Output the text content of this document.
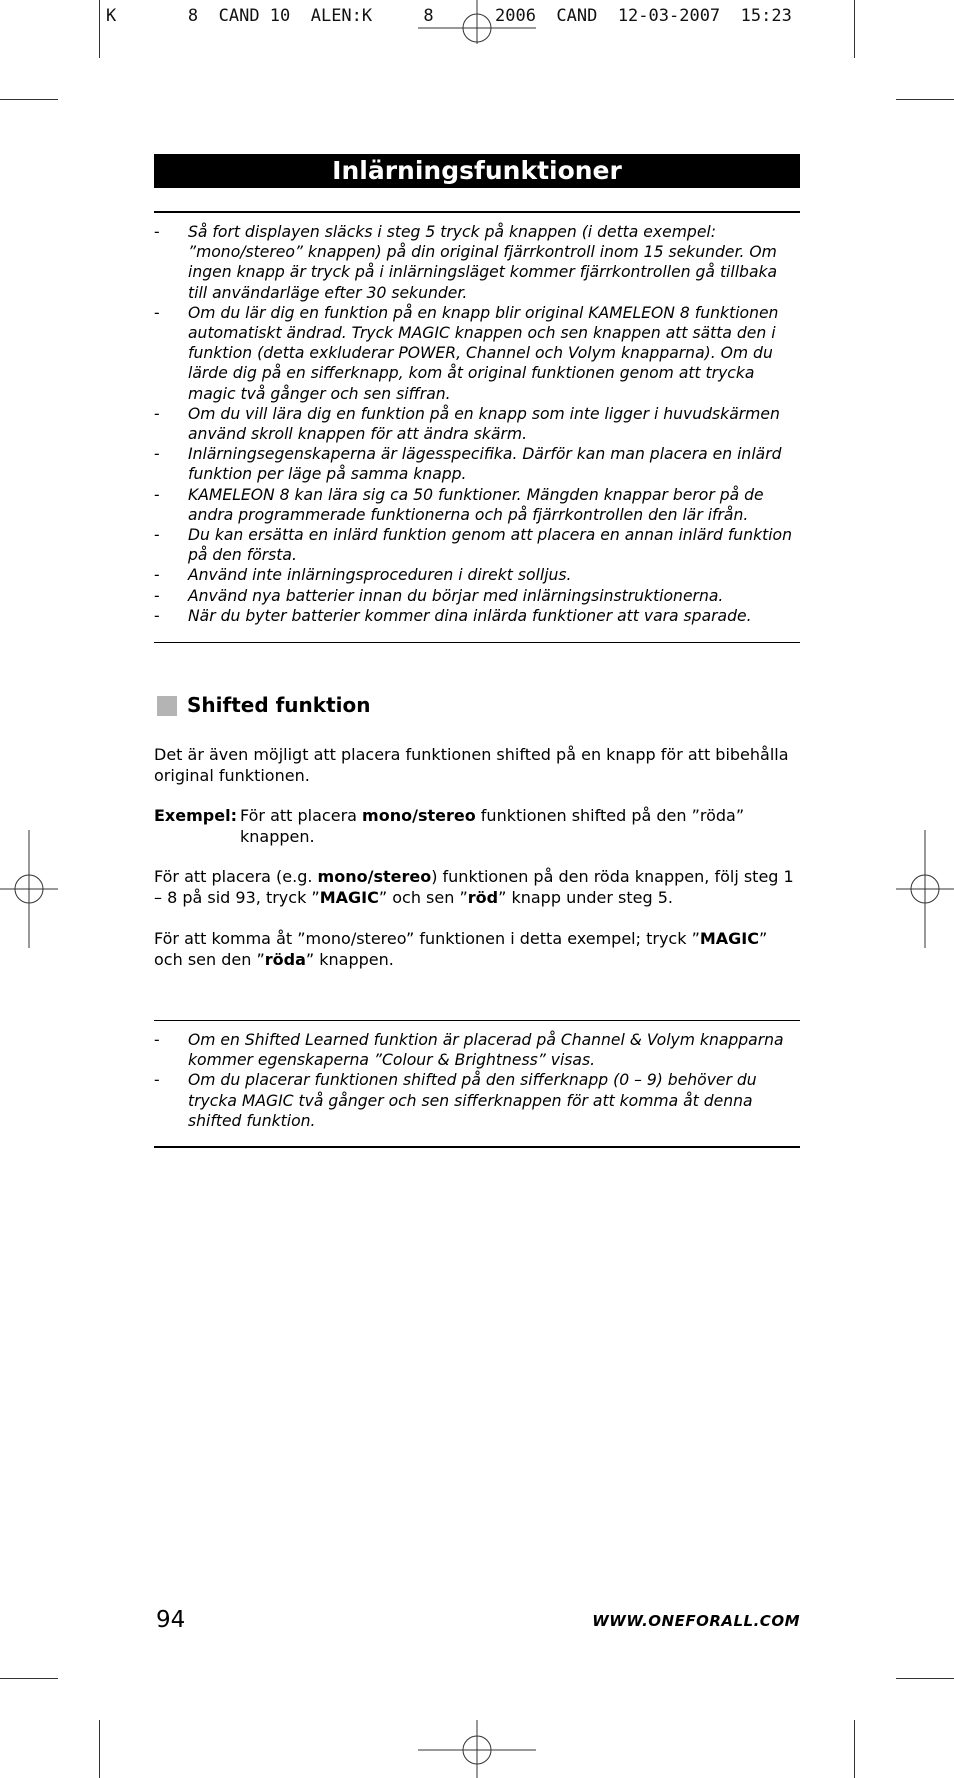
K	8  CAND 10  ALEN:K	8	2006  CAND  12-03-2007  15:23
Inlärningsfunktioner
- Så fort displayen släcks i steg 5 tryck på knappen (i detta exempel: ”mono/stereo” knappen) på din original fjärrkontroll inom 15 sekunder. Om ingen knapp är tryck på i inlärningsläget kommer fjärrkontrollen gå tillbaka till användarläge efter 30 sekunder.
- Om du lär dig en funktion på en knapp blir original KAMELEON 8 funktionen automatiskt ändrad. Tryck MAGIC knappen och sen knappen att sätta den i funktion (detta exkluderar POWER, Channel och Volym knapparna). Om du lärde dig på en sifferknapp, kom åt original funktionen genom att trycka magic två gånger och sen siffran.
- Om du vill lära dig en funktion på en knapp som inte ligger i huvudskärmen använd skroll knappen för att ändra skärm.
- Inlärningsegenskaperna är lägesspecifika. Därför kan man placera en inlärd funktion per läge på samma knapp.
- KAMELEON 8 kan lära sig ca 50 funktioner. Mängden knappar beror på de andra programmerade funktionerna och på fjärrkontrollen den lär ifrån.
- Du kan ersätta en inlärd funktion genom att placera en annan inlärd funktion på den första.
- Använd inte inlärningsproceduren i direkt solljus.
- Använd nya batterier innan du börjar med inlärningsinstruktionerna.
- När du byter batterier kommer dina inlärda funktioner att vara sparade.
Shifted funktion

Det är även möjligt att placera funktionen shifted på en knapp för att bibehålla original funktionen.

Exempel: För att placera mono/stereo funktionen shifted på den ”röda” knappen.

För att placera (e.g. mono/stereo) funktionen på den röda knappen, följ steg 1 – 8 på sid 93, tryck ”MAGIC” och sen ”röd” knapp under steg 5.

För att komma åt ”mono/stereo” funktionen i detta exempel; tryck ”MAGIC” och sen den ”röda” knappen.

- Om en Shifted Learned funktion är placerad på Channel & Volym knapparna kommer egenskaperna ”Colour & Brightness” visas.
- Om du placerar funktionen shifted på den sifferknapp (0 – 9) behöver du trycka MAGIC två gånger och sen sifferknappen för att komma åt denna shifted funktion.
94	WWW.ONEFORALL.COM
